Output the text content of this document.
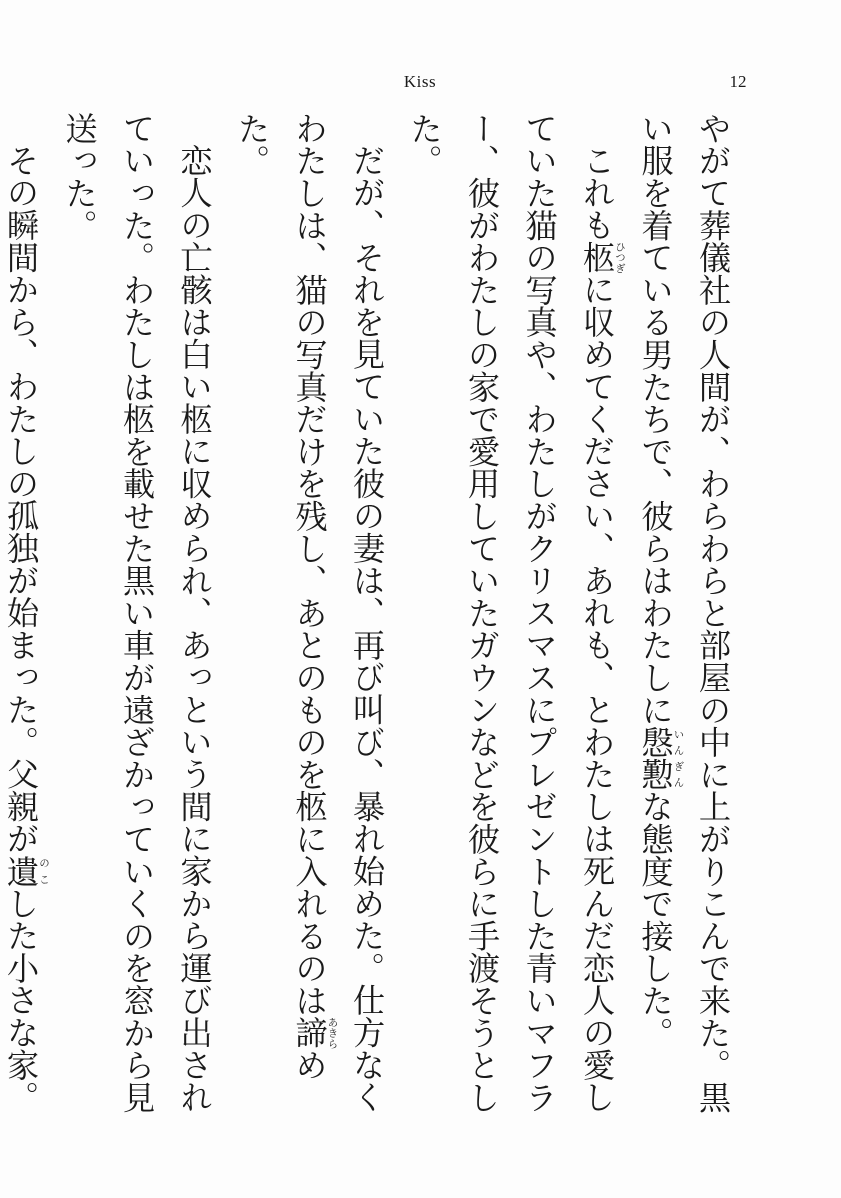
Kiss	12

やがて葬儀社の人間が、わらわらと部屋の中に上がりこんで来た。黒い服を着ている男たちで、彼らはわたしに慇懃いんぎんな態度で接した。

これも柩ひつぎに収めてください、あれも、とわたしは死んだ恋人の愛していた猫の写真や、わたしがクリスマスにプレゼントした青いマフラー、彼がわたしの家で愛用していたガウンなどを彼らに手渡そうとした。

だが、それを見ていた彼の妻は、再び叫び、暴れ始めた。仕方なくわたしは、猫の写真だけを残し、あとのものを柩に入れるのは諦あきらめた。

恋人の亡骸は白い柩に収められ、あっという間に家から運び出されていった。わたしは柩を載せた黒い車が遠ざかっていくのを窓から見送った。

その瞬間から、わたしの孤独が始まった。父親が遺のこした小さな家。
